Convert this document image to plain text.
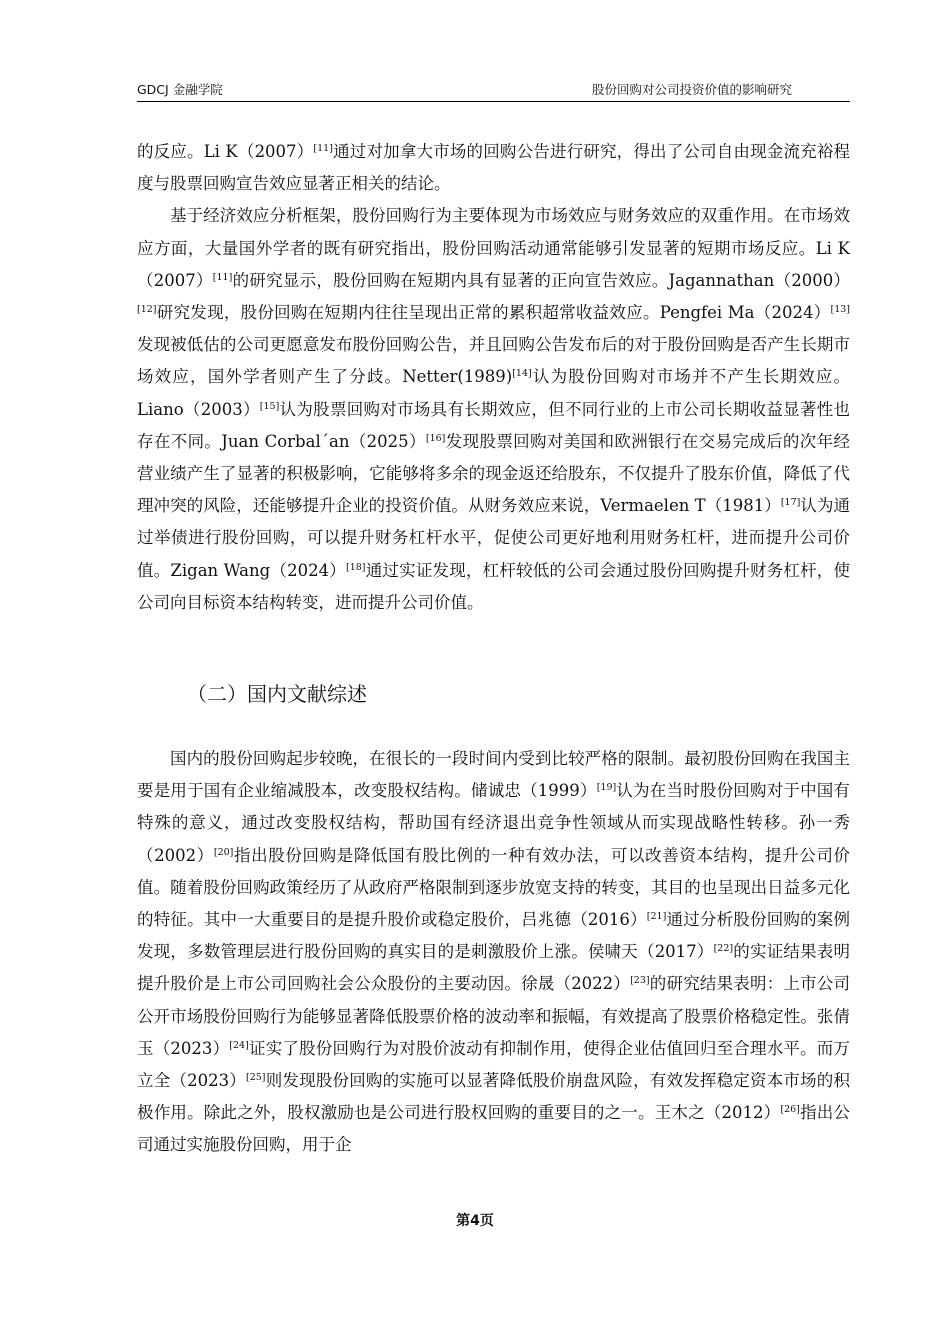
GDCJ 金融学院	股份回购对公司投资价值的影响研究

的反应。Li K（2007）[11]通过对加拿大市场的回购公告进行研究，得出了公司自由现金流充裕程度与股票回购宣告效应显著正相关的结论。

基于经济效应分析框架，股份回购行为主要体现为市场效应与财务效应的双重作用。在市场效应方面，大量国外学者的既有研究指出，股份回购活动通常能够引发显著的短期市场反应。Li K（2007）[11]的研究显示，股份回购在短期内具有显著的正向宣告效应。Jagannathan（2000）[12]研究发现，股份回购在短期内往往呈现出正常的累积超常收益效应。Pengfei Ma（2024）[13]发现被低估的公司更愿意发布股份回购公告，并且回购公告发布后的对于股份回购是否产生长期市场效应，国外学者则产生了分歧。Netter(1989)[14]认为股份回购对市场并不产生长期效应。Liano（2003）[15]认为股票回购对市场具有长期效应，但不同行业的上市公司长期收益显著性也存在不同。Juan Corbal´an（2025）[16]发现股票回购对美国和欧洲银行在交易完成后的次年经营业绩产生了显著的积极影响，它能够将多余的现金返还给股东，不仅提升了股东价值，降低了代理冲突的风险，还能够提升企业的投资价值。从财务效应来说，Vermaelen T（1981）[17]认为通过举债进行股份回购，可以提升财务杠杆水平，促使公司更好地利用财务杠杆，进而提升公司价值。Zigan Wang（2024）[18]通过实证发现，杠杆较低的公司会通过股份回购提升财务杠杆，使公司向目标资本结构转变，进而提升公司价值。

（二）国内文献综述

国内的股份回购起步较晚，在很长的一段时间内受到比较严格的限制。最初股份回购在我国主要是用于国有企业缩减股本，改变股权结构。储诚忠（1999）[19]认为在当时股份回购对于中国有特殊的意义，通过改变股权结构，帮助国有经济退出竞争性领域从而实现战略性转移。孙一秀（2002）[20]指出股份回购是降低国有股比例的一种有效办法，可以改善资本结构，提升公司价值。随着股份回购政策经历了从政府严格限制到逐步放宽支持的转变，其目的也呈现出日益多元化的特征。其中一大重要目的是提升股价或稳定股价，吕兆德（2016）[21]通过分析股份回购的案例发现，多数管理层进行股份回购的真实目的是刺激股价上涨。侯啸天（2017）[22]的实证结果表明提升股价是上市公司回购社会公众股份的主要动因。徐晟（2022）[23]的研究结果表明：上市公司公开市场股份回购行为能够显著降低股票价格的波动率和振幅，有效提高了股票价格稳定性。张倩玉（2023）[24]证实了股份回购行为对股价波动有抑制作用，使得企业估值回归至合理水平。而万立全（2023）[25]则发现股份回购的实施可以显著降低股价崩盘风险，有效发挥稳定资本市场的积极作用。除此之外，股权激励也是公司进行股权回购的重要目的之一。王木之（2012）[26]指出公司通过实施股份回购，用于企

第4页
